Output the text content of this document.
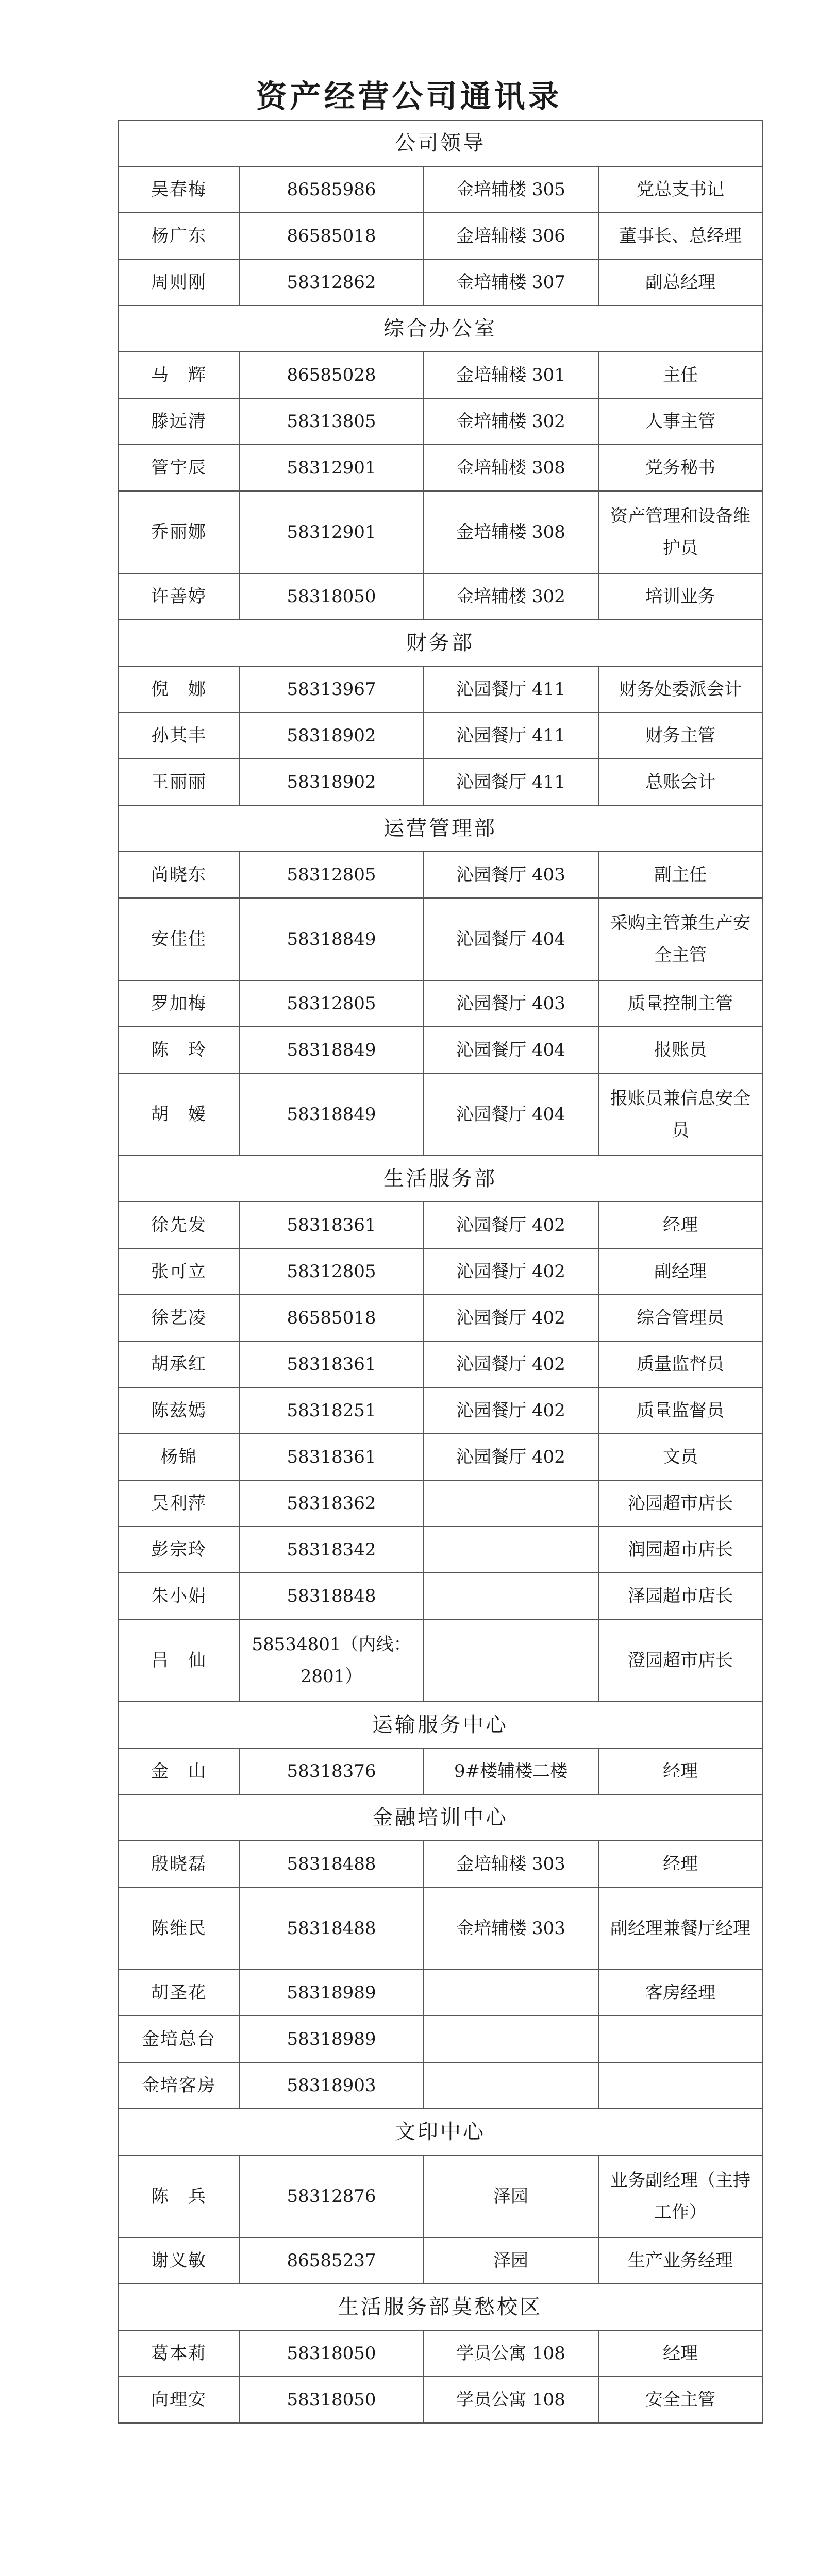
资产经营公司通讯录
公司领导			
吴春梅	86585986	金培辅楼 305	党总支书记
杨广东	86585018	金培辅楼 306	董事长、总经理
周则刚	58312862	金培辅楼 307	副总经理
综合办公室			
马　辉	86585028	金培辅楼 301	主任
滕远清	58313805	金培辅楼 302	人事主管
管宇辰	58312901	金培辅楼 308	党务秘书
乔丽娜	58312901	金培辅楼 308	资产管理和设备维护员
许善婷	58318050	金培辅楼 302	培训业务
财务部			
倪　娜	58313967	沁园餐厅 411	财务处委派会计
孙其丰	58318902	沁园餐厅 411	财务主管
王丽丽	58318902	沁园餐厅 411	总账会计
运营管理部			
尚晓东	58312805	沁园餐厅 403	副主任
安佳佳	58318849	沁园餐厅 404	采购主管兼生产安全主管
罗加梅	58312805	沁园餐厅 403	质量控制主管
陈　玲	58318849	沁园餐厅 404	报账员
胡　嫒	58318849	沁园餐厅 404	报账员兼信息安全员
生活服务部			
徐先发	58318361	沁园餐厅 402	经理
张可立	58312805	沁园餐厅 402	副经理
徐艺凌	86585018	沁园餐厅 402	综合管理员
胡承红	58318361	沁园餐厅 402	质量监督员
陈兹嫣	58318251	沁园餐厅 402	质量监督员
杨锦	58318361	沁园餐厅 402	文员
吴利萍	58318362		沁园超市店长
彭宗玲	58318342		润园超市店长
朱小娟	58318848		泽园超市店长
吕　仙	58534801（内线：2801）		澄园超市店长
运输服务中心			
金　山	58318376	9#楼辅楼二楼	经理
金融培训中心			
殷晓磊	58318488	金培辅楼 303	经理
陈维民	58318488	金培辅楼 303	副经理兼餐厅经理
胡圣花	58318989		客房经理
金培总台	58318989		
金培客房	58318903		
文印中心			
陈　兵	58312876	泽园	业务副经理（主持工作）
谢义敏	86585237	泽园	生产业务经理
生活服务部莫愁校区			
葛本莉	58318050	学员公寓 108	经理
向理安	58318050	学员公寓 108	安全主管
